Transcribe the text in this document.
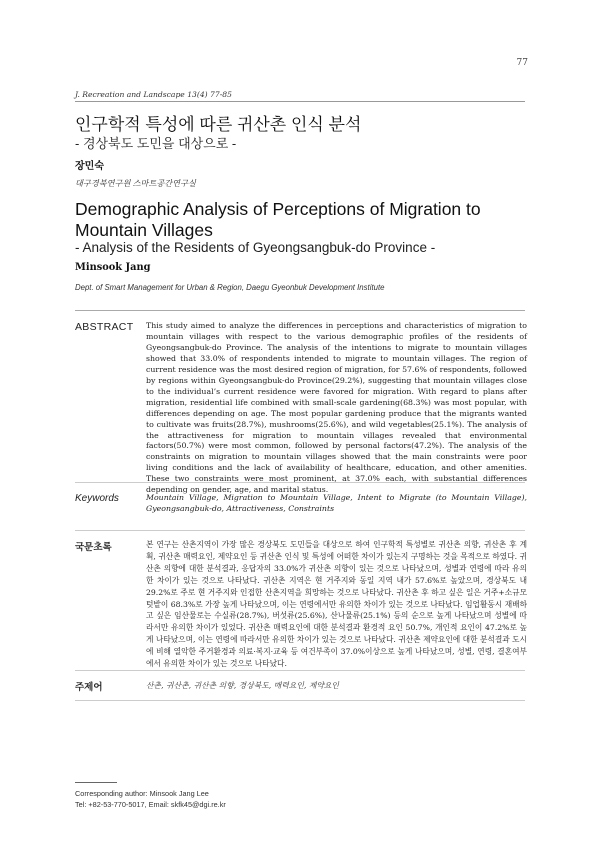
77
J. Recreation and Landscape 13(4) 77-85
인구학적 특성에 따른 귀산촌 인식 분석
- 경상북도 도민을 대상으로 -
장민숙
대구경북연구원 스마트공간연구실
Demographic Analysis of Perceptions of Migration to Mountain Villages
- Analysis of the Residents of Gyeongsangbuk-do Province -
Minsook Jang
Dept. of Smart Management for Urban & Region, Daegu Gyeonbuk Development Institute
ABSTRACT This study aimed to analyze the differences in perceptions and characteristics of migration to mountain villages with respect to the various demographic profiles of the residents of Gyeongsangbuk-do Province. The analysis of the intentions to migrate to mountain villages showed that 33.0% of respondents intended to migrate to mountain villages. The region of current residence was the most desired region of migration, for 57.6% of respondents, followed by regions within Gyeongsangbuk-do Province(29.2%), suggesting that mountain villages close to the individual’s current residence were favored for migration. With regard to plans after migration, residential life combined with small-scale gardening(68.3%) was most popular, with differences depending on age. The most popular gardening produce that the migrants wanted to cultivate was fruits(28.7%), mushrooms(25.6%), and wild vegetables(25.1%). The analysis of the attractiveness for migration to mountain villages revealed that environmental factors(50.7%) were most common, followed by personal factors(47.2%). The analysis of the constraints on migration to mountain villages showed that the main constraints were poor living conditions and the lack of availability of healthcare, education, and other amenities. These two constraints were most prominent, at 37.0% each, with substantial differences depending on gender, age, and marital status.
Keywords	Mountain Village, Migration to Mountain Village, Intent to Migrate (to Mountain Village), Gyeongsangbuk-do, Attractiveness, Constraints
국문초록	본 연구는 산촌지역이 가장 많은 경상북도 도민들을 대상으로 하여 인구학적 특성별로 귀산촌 의향, 귀산촌 후 계획, 귀산촌 매력요인, 제약요인 등 귀산촌 인식 및 특성에 어떠한 차이가 있는지 구명하는 것을 목적으로 하였다. 귀산촌 의향에 대한 분석결과, 응답자의 33.0%가 귀산촌 의향이 있는 것으로 나타났으며, 성별과 연령에 따라 유의한 차이가 있는 것으로 나타났다. 귀산촌 지역은 현 거주지와 동일 지역 내가 57.6%로 높았으며, 경상북도 내 29.2%로 주로 현 거주지와 인접한 산촌지역을 희망하는 것으로 나타났다. 귀산촌 후 하고 싶은 일은 거주+소규모 텃밭이 68.3%로 가장 높게 나타났으며, 이는 연령에서만 유의한 차이가 있는 것으로 나타났다. 임업활동시 재배하고 싶은 임산물로는 수실류(28.7%), 버섯류(25.6%), 산나물류(25.1%) 등의 순으로 높게 나타났으며 성별에 따라서만 유의한 차이가 있었다. 귀산촌 매력요인에 대한 분석결과 환경적 요인 50.7%, 개인적 요인이 47.2%로 높게 나타났으며, 이는 연령에 따라서만 유의한 차이가 있는 것으로 나타났다. 귀산촌 제약요인에 대한 분석결과 도시에 비해 열악한 주거환경과 의료·복지·교육 등 여건부족이 37.0%이상으로 높게 나타났으며, 성별, 연령, 결혼여부에서 유의한 차이가 있는 것으로 나타났다.
주제어	산촌, 귀산촌, 귀산촌 의향, 경상북도, 매력요인, 제약요인
Corresponding author: Minsook Jang Lee
Tel: +82-53-770-5017, Email: skfk45@dgi.re.kr
